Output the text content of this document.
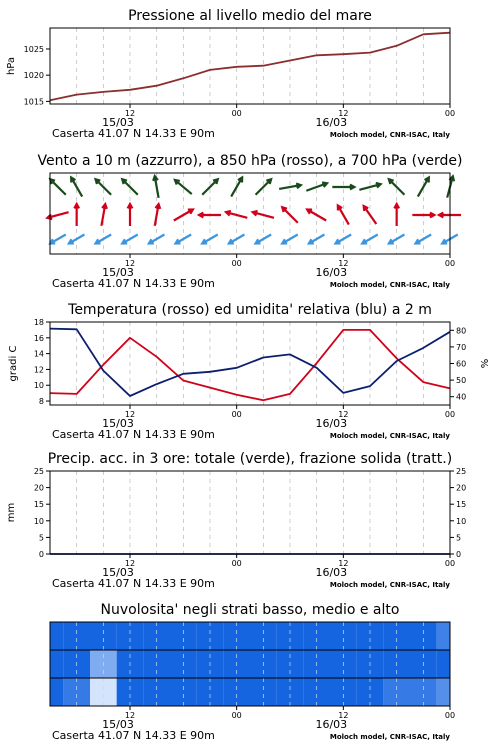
Pressione al livello medio del mare
1015
1020
1025
hPa
12	00	12	00
15/03	16/03
Caserta 41.07 N 14.33 E 90m	Moloch model, CNR-ISAC, Italy
Vento a 10 m (azzurro), a 850 hPa (rosso), a 700 hPa (verde)
12	00	12	00
15/03	16/03
Caserta 41.07 N 14.33 E 90m	Moloch model, CNR-ISAC, Italy
Temperatura (rosso) ed umidita' relativa (blu) a 2 m
8
10
12
14
16
18
gradi C
40
50
60
70
80
%
12	00	12	00
15/03	16/03
Caserta 41.07 N 14.33 E 90m	Moloch model, CNR-ISAC, Italy
Precip. acc. in 3 ore: totale (verde), frazione solida (tratt.)
0
5
10
15
20
25
mm
0
5
10
15
20
25
12	00	12	00
15/03	16/03
Caserta 41.07 N 14.33 E 90m	Moloch model, CNR-ISAC, Italy
Nuvolosita' negli strati basso, medio e alto
12	00	12	00
15/03	16/03
Caserta 41.07 N 14.33 E 90m	Moloch model, CNR-ISAC, Italy
